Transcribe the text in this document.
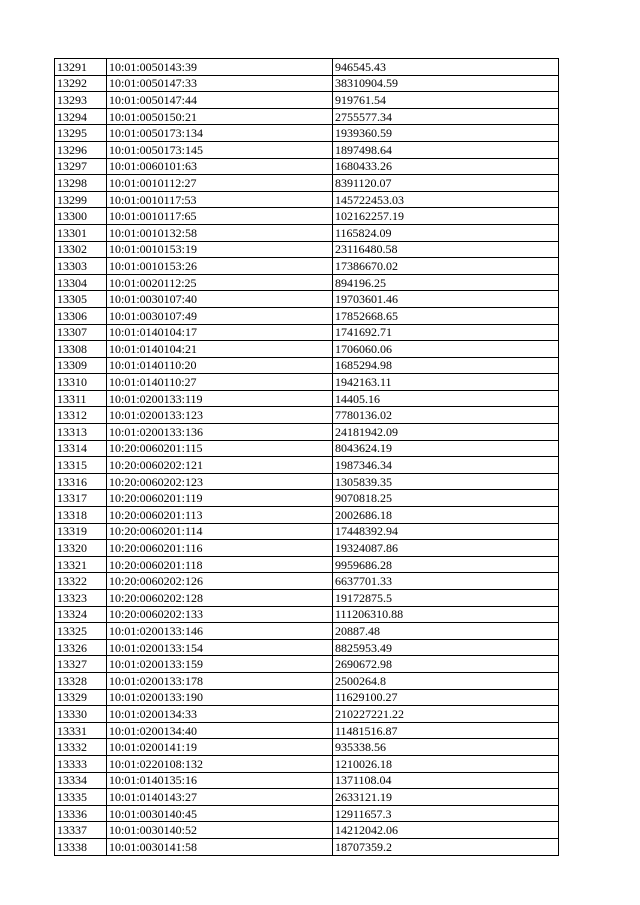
13291	10:01:0050143:39	946545.43
13292	10:01:0050147:33	38310904.59
13293	10:01:0050147:44	919761.54
13294	10:01:0050150:21	2755577.34
13295	10:01:0050173:134	1939360.59
13296	10:01:0050173:145	1897498.64
13297	10:01:0060101:63	1680433.26
13298	10:01:0010112:27	8391120.07
13299	10:01:0010117:53	145722453.03
13300	10:01:0010117:65	102162257.19
13301	10:01:0010132:58	1165824.09
13302	10:01:0010153:19	23116480.58
13303	10:01:0010153:26	17386670.02
13304	10:01:0020112:25	894196.25
13305	10:01:0030107:40	19703601.46
13306	10:01:0030107:49	17852668.65
13307	10:01:0140104:17	1741692.71
13308	10:01:0140104:21	1706060.06
13309	10:01:0140110:20	1685294.98
13310	10:01:0140110:27	1942163.11
13311	10:01:0200133:119	14405.16
13312	10:01:0200133:123	7780136.02
13313	10:01:0200133:136	24181942.09
13314	10:20:0060201:115	8043624.19
13315	10:20:0060202:121	1987346.34
13316	10:20:0060202:123	1305839.35
13317	10:20:0060201:119	9070818.25
13318	10:20:0060201:113	2002686.18
13319	10:20:0060201:114	17448392.94
13320	10:20:0060201:116	19324087.86
13321	10:20:0060201:118	9959686.28
13322	10:20:0060202:126	6637701.33
13323	10:20:0060202:128	19172875.5
13324	10:20:0060202:133	111206310.88
13325	10:01:0200133:146	20887.48
13326	10:01:0200133:154	8825953.49
13327	10:01:0200133:159	2690672.98
13328	10:01:0200133:178	2500264.8
13329	10:01:0200133:190	11629100.27
13330	10:01:0200134:33	210227221.22
13331	10:01:0200134:40	11481516.87
13332	10:01:0200141:19	935338.56
13333	10:01:0220108:132	1210026.18
13334	10:01:0140135:16	1371108.04
13335	10:01:0140143:27	2633121.19
13336	10:01:0030140:45	12911657.3
13337	10:01:0030140:52	14212042.06
13338	10:01:0030141:58	18707359.2
